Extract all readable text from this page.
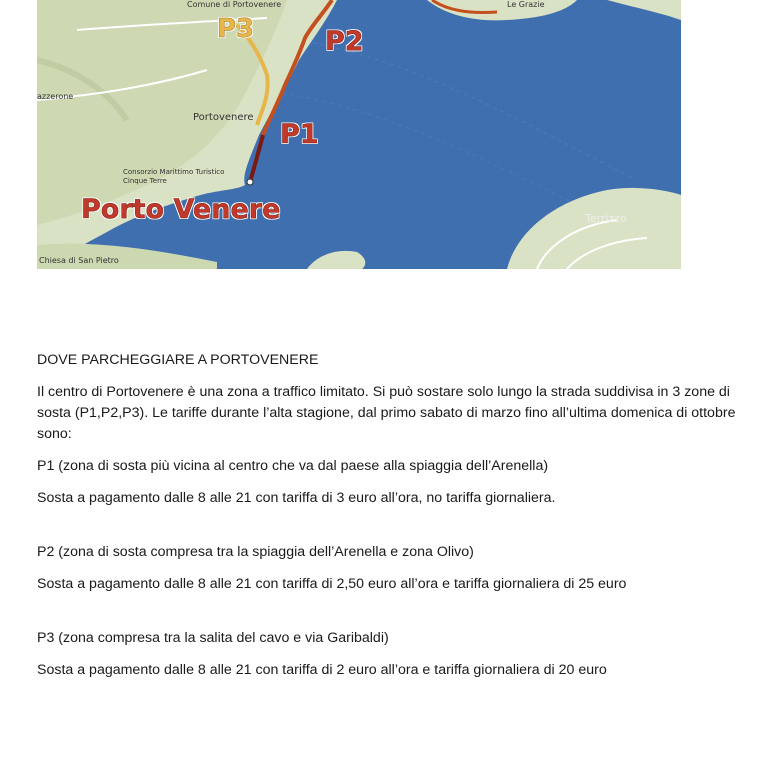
P3	P2
P1
Porto Venere
Portovenere
Consorzio Marittimo Turistico Cinque Terre
Chiesa di San Pietro
Terrizzo
azzerone
Comune di Portovenere	Le Grazie

DOVE PARCHEGGIARE A PORTOVENERE

Il centro di Portovenere è una zona a traffico limitato. Si può sostare solo lungo la strada suddivisa in 3 zone di sosta (P1,P2,P3). Le tariffe durante l’alta stagione, dal primo sabato di marzo fino all’ultima domenica di ottobre sono:

P1 (zona di sosta più vicina al centro che va dal paese alla spiaggia dell’Arenella)

Sosta a pagamento dalle 8 alle 21 con tariffa di 3 euro all’ora, no tariffa giornaliera.

P2 (zona di sosta compresa tra la spiaggia dell’Arenella e zona Olivo)

Sosta a pagamento dalle 8 alle 21 con tariffa di 2,50 euro all’ora e tariffa giornaliera di 25 euro

P3 (zona compresa tra la salita del cavo e via Garibaldi)

Sosta a pagamento dalle 8 alle 21 con tariffa di 2 euro all’ora e tariffa giornaliera di 20 euro
